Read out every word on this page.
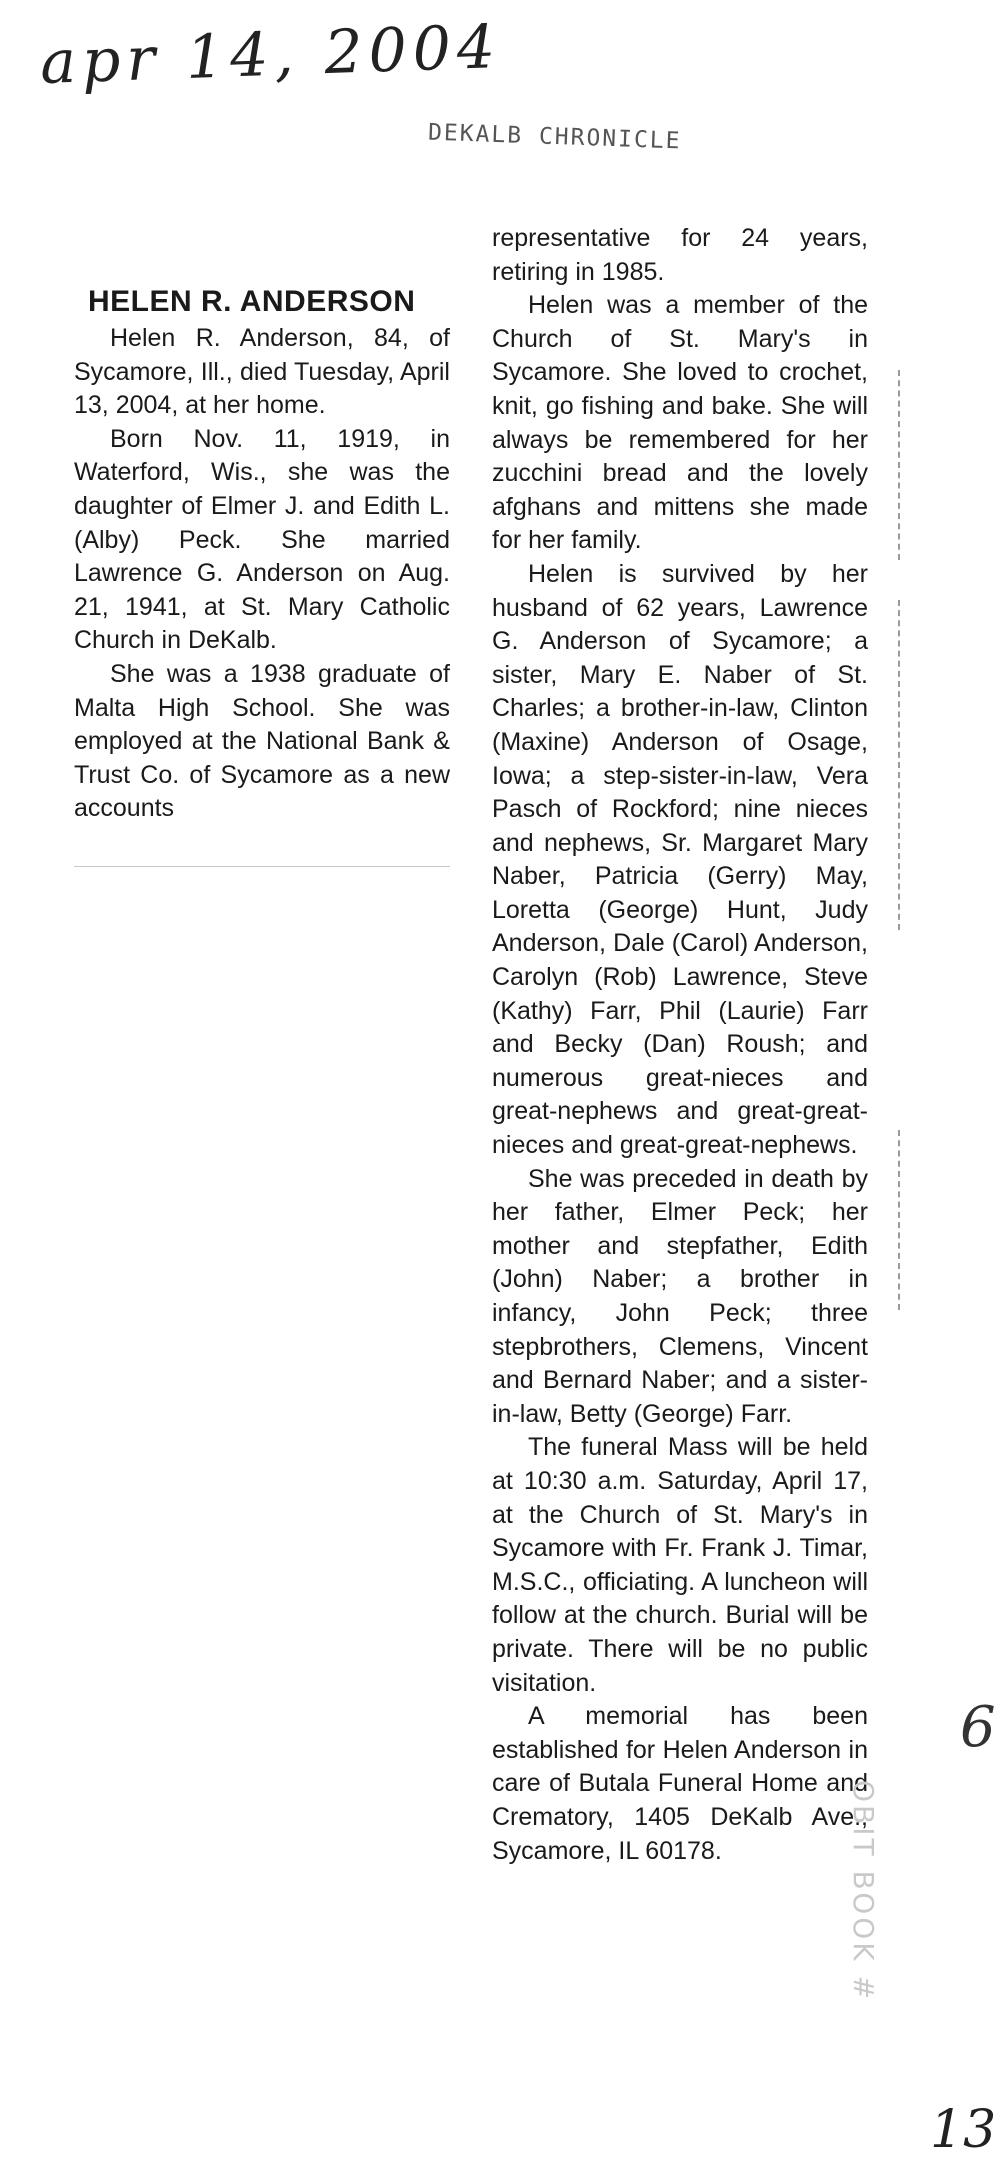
apr 14, 2004
DEKALB CHRONICLE
HELEN R. ANDERSON

Helen R. Anderson, 84, of Sycamore, Ill., died Tuesday, April 13, 2004, at her home.

Born Nov. 11, 1919, in Waterford, Wis., she was the daughter of Elmer J. and Edith L. (Alby) Peck. She married Lawrence G. Anderson on Aug. 21, 1941, at St. Mary Catholic Church in DeKalb.

She was a 1938 graduate of Malta High School. She was employed at the National Bank & Trust Co. of Sycamore as a new accounts

representative for 24 years, retiring in 1985.

Helen was a member of the Church of St. Mary's in Sycamore. She loved to crochet, knit, go fishing and bake. She will always be remembered for her zucchini bread and the lovely afghans and mittens she made for her family.

Helen is survived by her husband of 62 years, Lawrence G. Anderson of Sycamore; a sister, Mary E. Naber of St. Charles; a brother-in-law, Clinton (Maxine) Anderson of Osage, Iowa; a step-sister-in-law, Vera Pasch of Rockford; nine nieces and nephews, Sr. Margaret Mary Naber, Patricia (Gerry) May, Loretta (George) Hunt, Judy Anderson, Dale (Carol) Anderson, Carolyn (Rob) Lawrence, Steve (Kathy) Farr, Phil (Laurie) Farr and Becky (Dan) Roush; and numerous great-nieces and great-nephews and great-great-nieces and great-great-nephews.

She was preceded in death by her father, Elmer Peck; her mother and stepfather, Edith (John) Naber; a brother in infancy, John Peck; three stepbrothers, Clemens, Vincent and Bernard Naber; and a sister-in-law, Betty (George) Farr.

The funeral Mass will be held at 10:30 a.m. Saturday, April 17, at the Church of St. Mary's in Sycamore with Fr. Frank J. Timar, M.S.C., officiating. A luncheon will follow at the church. Burial will be private. There will be no public visitation.

A memorial has been established for Helen Anderson in care of Butala Funeral Home and Crematory, 1405 DeKalb Ave., Sycamore, IL 60178.	OBIT BOOK #
6
13
